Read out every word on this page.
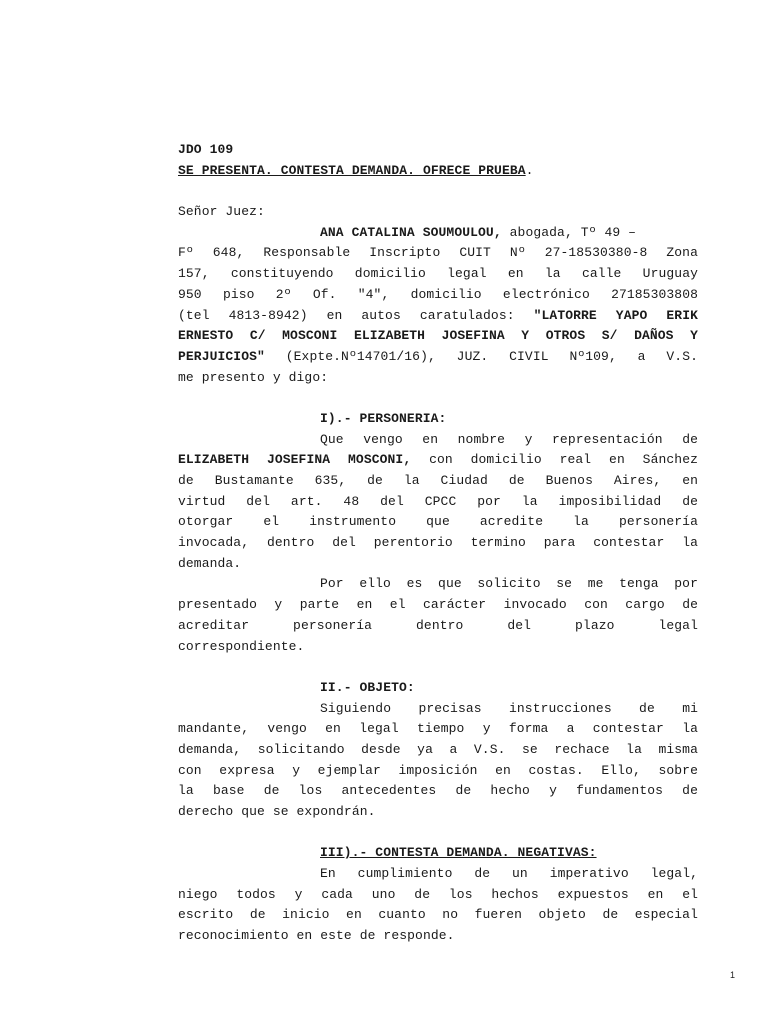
JDO 109
SE PRESENTA. CONTESTA DEMANDA. OFRECE PRUEBA.
Señor Juez:
ANA CATALINA SOUMOULOU, abogada, Tº 49 –
Fº 648, Responsable Inscripto CUIT Nº 27-18530380-8 Zona
157, constituyendo domicilio legal en la calle Uruguay
950 piso 2º Of. "4", domicilio electrónico 27185303808
(tel 4813-8942) en autos caratulados: "LATORRE YAPO ERIK
ERNESTO C/ MOSCONI ELIZABETH JOSEFINA Y OTROS S/ DAÑOS Y
PERJUICIOS" (Expte.Nº14701/16), JUZ. CIVIL Nº109, a V.S.
me presento y digo:
I).- PERSONERIA:
Que vengo en nombre y representación de
ELIZABETH JOSEFINA MOSCONI, con domicilio real en Sánchez
de Bustamante 635, de la Ciudad de Buenos Aires, en
virtud del art. 48 del CPCC por la imposibilidad de
otorgar el instrumento que acredite la personería
invocada, dentro del perentorio termino para contestar la
demanda.
Por ello es que solicito se me tenga por
presentado y parte en el carácter invocado con cargo de
acreditar personería dentro del plazo legal
correspondiente.
II.- OBJETO:
Siguiendo precisas instrucciones de mi
mandante, vengo en legal tiempo y forma a contestar la
demanda, solicitando desde ya a V.S. se rechace la misma
con expresa y ejemplar imposición en costas. Ello, sobre
la base de los antecedentes de hecho y fundamentos de
derecho que se expondrán.
III).- CONTESTA DEMANDA. NEGATIVAS:
En cumplimiento de un imperativo legal,
niego todos y cada uno de los hechos expuestos en el
escrito de inicio en cuanto no fueren objeto de especial
reconocimiento en este de responde.
1
